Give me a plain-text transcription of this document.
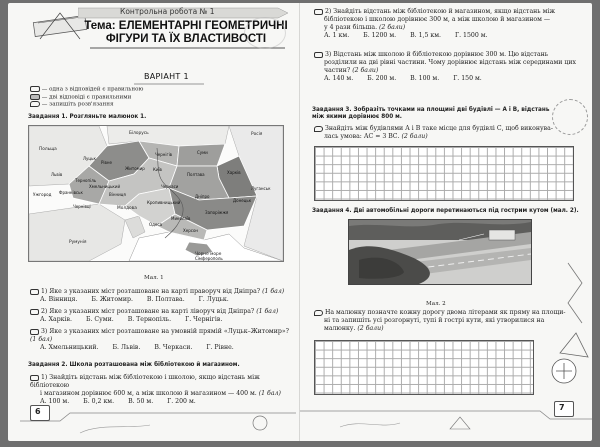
Контрольна робота № 1
Тема: ЕЛЕМЕНТАРНІ ГЕОМЕТРИЧНІ
ФІГУРИ ТА ЇХ ВЛАСТИВОСТІ
ВАРІАНТ 1
— одна з відповідей є правильною
— дві відповіді є правильними
— запишіть розв'язання
Завдання 1. Розгляньте малюнок 1.
Польща
Білорусь	Росія
Молдова
Румунія
Чорне море
Київ
Житомир
Чернігів	Суми
Харків
Полтава
Черкаси
Вінниця
Хмельницький
Тернопіль
Львів
Луцьк
Рівне
Дніпро
Запоріжжя
Донецьк
Луганськ
Одеса
Миколаїв
Херсон
Сімферополь
Кропивницький
Ужгород
Чернівці
Франківськ
Мал. 1
1) Яке з указаних міст розташоване на карті праворуч від Дніпра? (1 бал)
А. Вінниця. Б. Житомир. В. Полтава. Г. Луцьк.
2) Яке з указаних міст розташоване на карті ліворуч від Дніпра? (1 бал)
А. Харків. Б. Суми. В. Тернопіль. Г. Чернігів.
3) Яке з указаних міст розташоване на умовній прямій «Луцьк–Житомир»? (1 бал)
А. Хмельницький. Б. Львів. В. Черкаси. Г. Рівне.
Завдання 2. Школа розташована між бібліотекою й магазином.
1) Знайдіть відстань між бібліотекою і школою, якщо відстань між бібліотекою
і магазином дорівнює 600 м, а між школою й магазином — 400 м. (1 бал)
А. 100 м. Б. 0,2 км. В. 50 м. Г. 200 м.
6
2) Знайдіть відстань між бібліотекою й магазином, якщо відстань між
бібліотекою і школою дорівнює 300 м, а між школою й магазином —
у 4 рази більша. (2 бали)
А. 1 км. Б. 1200 м. В. 1,5 км. Г. 1500 м.
3) Відстань між школою й бібліотекою дорівнює 300 м. Цю відстань
розділили на дві рівні частини. Чому дорівнює відстань між серединами цих
частин? (2 бали)
А. 140 м. Б. 200 м. В. 100 м. Г. 150 м.
Завдання 3. Зобразіть точками на площині дві будівлі — А і В, відстань
між якими дорівнює 800 м.
Знайдіть між будівлями А і В таке місце для будівлі С, щоб виконува-
лась умова: АС = 3 ВС. (2 бали)
Завдання 4. Дві автомобільні дороги перетинаються під гострим кутом (мал. 2).
Мал. 2
На малюнку позначте кожну дорогу двома літерами як пряму на площи-
ні та запишіть усі розгорнуті, тупі й гострі кути, які утворилися на
малюнку. (2 бали)
7
